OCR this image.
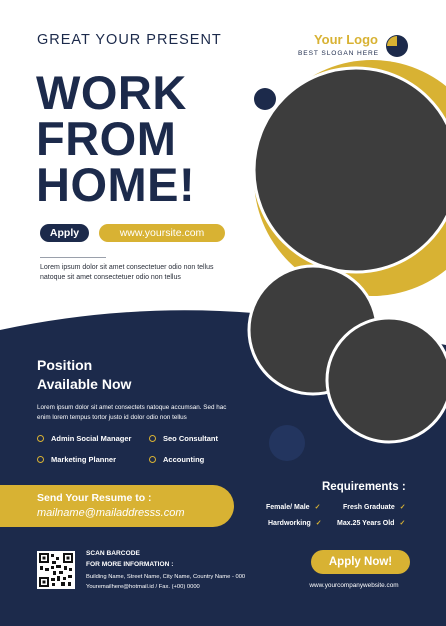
GREAT YOUR PRESENT	Your Logo
BEST SLOGAN HERE
WORK
FROM
HOME!
Apply	www.yoursite.com
Lorem ipsum dolor sit amet consectetuer odio non tellus natoque sit amet consectetuer odio non tellus
Position
Available Now
Lorem ipsum dolor sit amet consectets natoque accumsan. Sed hac enim lorem tempus tortor justo id dolor odio non tellus
Admin Social Manager	Seo Consultant
Marketing Planner	Accounting
Send Your Resume to :
mailname@mailaddresss.com
Requirements :
Female/ Male ✓	Fresh Graduate ✓
Hardworking ✓ Max.25 Years Old ✓
SCAN BARCODE
FOR MORE INFORMATION :
Building Name, Street Name, City Name, Country Name - 000
Youremailhere@hotmail.id / Fax. (+00) 0000
Apply Now!
www.yourcompanywebsite.com
